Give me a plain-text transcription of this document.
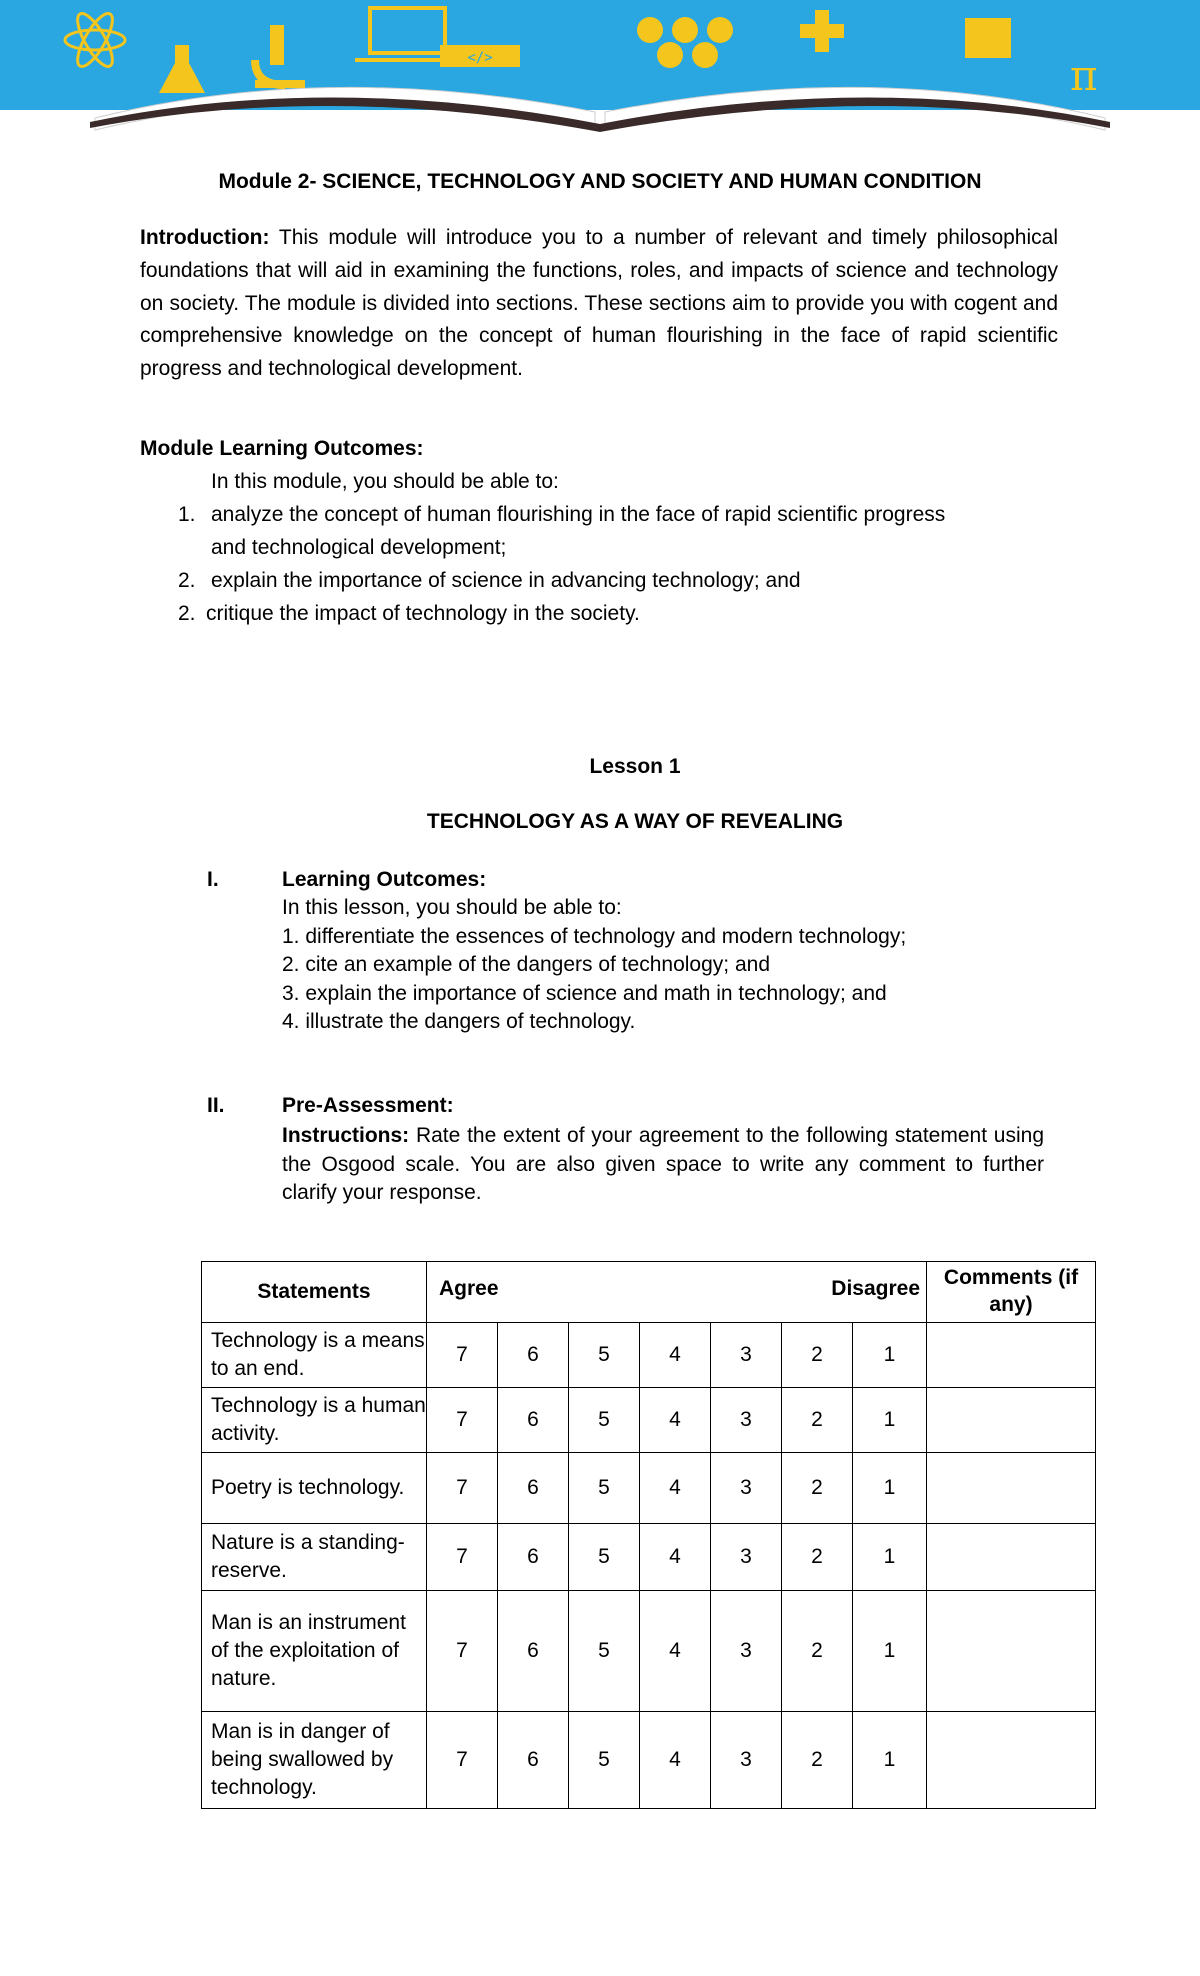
</>	π
Module 2- SCIENCE, TECHNOLOGY AND SOCIETY AND HUMAN CONDITION
Introduction: This module will introduce you to a number of relevant and timely philosophical foundations that will aid in examining the functions, roles, and impacts of science and technology on society. The module is divided into sections. These sections aim to provide you with cogent and comprehensive knowledge on the concept of human flourishing in the face of rapid scientific progress and technological development.
Module Learning Outcomes:
In this module, you should be able to:
1. analyze the concept of human flourishing in the face of rapid scientific progress
and technological development;
2. explain the importance of science in advancing technology; and
2. critique the impact of technology in the society.
Lesson 1
TECHNOLOGY AS A WAY OF REVEALING
I.	Learning Outcomes:
In this lesson, you should be able to:
1. differentiate the essences of technology and modern technology;
2. cite an example of the dangers of technology; and
3. explain the importance of science and math in technology; and
4. illustrate the dangers of technology.
II.	Pre-Assessment:
Instructions: Rate the extent of your agreement to the following statement using the Osgood scale. You are also given space to write any comment to further clarify your response.
Statements	Agree Disagree							Comments (if any)
Technology is a means to an end.	7	6	5	4	3	2	1	
Technology is a human activity.	7	6	5	4	3	2	1	
Poetry is technology.	7	6	5	4	3	2	1	
Nature is a standing-reserve.	7	6	5	4	3	2	1	
Man is an instrument of the exploitation of nature.	7	6	5	4	3	2	1	
Man is in danger of being swallowed by technology.	7	6	5	4	3	2	1	
